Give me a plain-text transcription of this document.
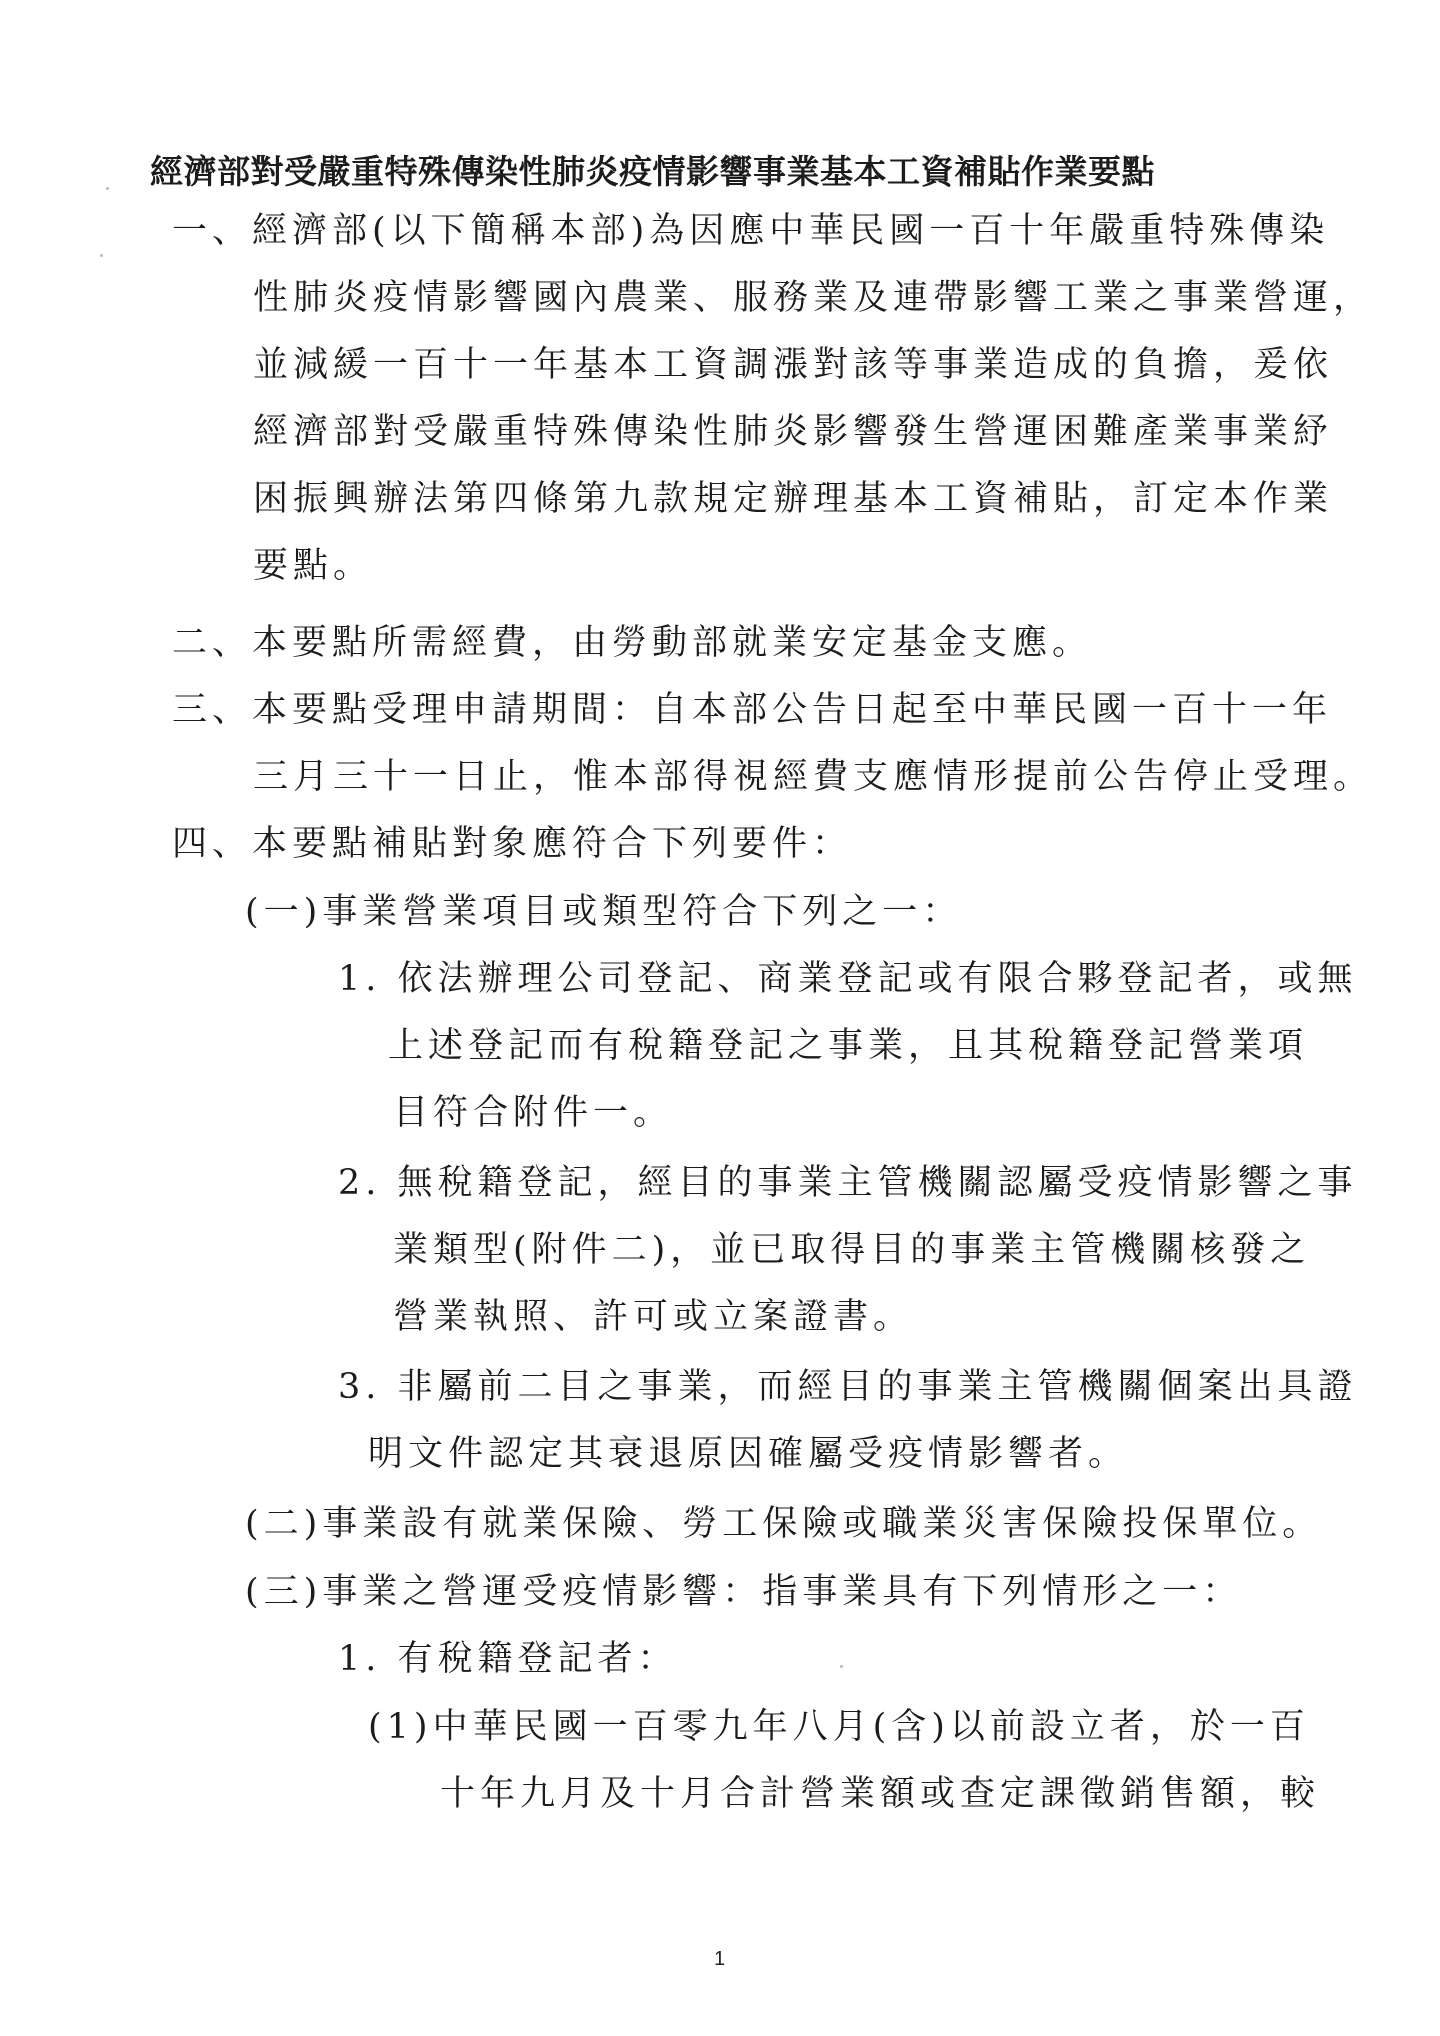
經濟部對受嚴重特殊傳染性肺炎疫情影響事業基本工資補貼作業要點
一、經濟部(以下簡稱本部)為因應中華民國一百十年嚴重特殊傳染
性肺炎疫情影響國內農業、服務業及連帶影響工業之事業營運，
並減緩一百十一年基本工資調漲對該等事業造成的負擔，爰依
經濟部對受嚴重特殊傳染性肺炎影響發生營運困難產業事業紓
困振興辦法第四條第九款規定辦理基本工資補貼，訂定本作業
要點。
二、本要點所需經費，由勞動部就業安定基金支應。
三、本要點受理申請期間：自本部公告日起至中華民國一百十一年
三月三十一日止，惟本部得視經費支應情形提前公告停止受理。
四、本要點補貼對象應符合下列要件：
(一)事業營業項目或類型符合下列之一：
1. 依法辦理公司登記、商業登記或有限合夥登記者，或無
上述登記而有稅籍登記之事業，且其稅籍登記營業項
目符合附件一。
2. 無稅籍登記，經目的事業主管機關認屬受疫情影響之事
業類型(附件二)，並已取得目的事業主管機關核發之
營業執照、許可或立案證書。
3. 非屬前二目之事業，而經目的事業主管機關個案出具證
明文件認定其衰退原因確屬受疫情影響者。
(二)事業設有就業保險、勞工保險或職業災害保險投保單位。
(三)事業之營運受疫情影響：指事業具有下列情形之一：
1. 有稅籍登記者：
(1)中華民國一百零九年八月(含)以前設立者，於一百
十年九月及十月合計營業額或查定課徵銷售額，較
1
